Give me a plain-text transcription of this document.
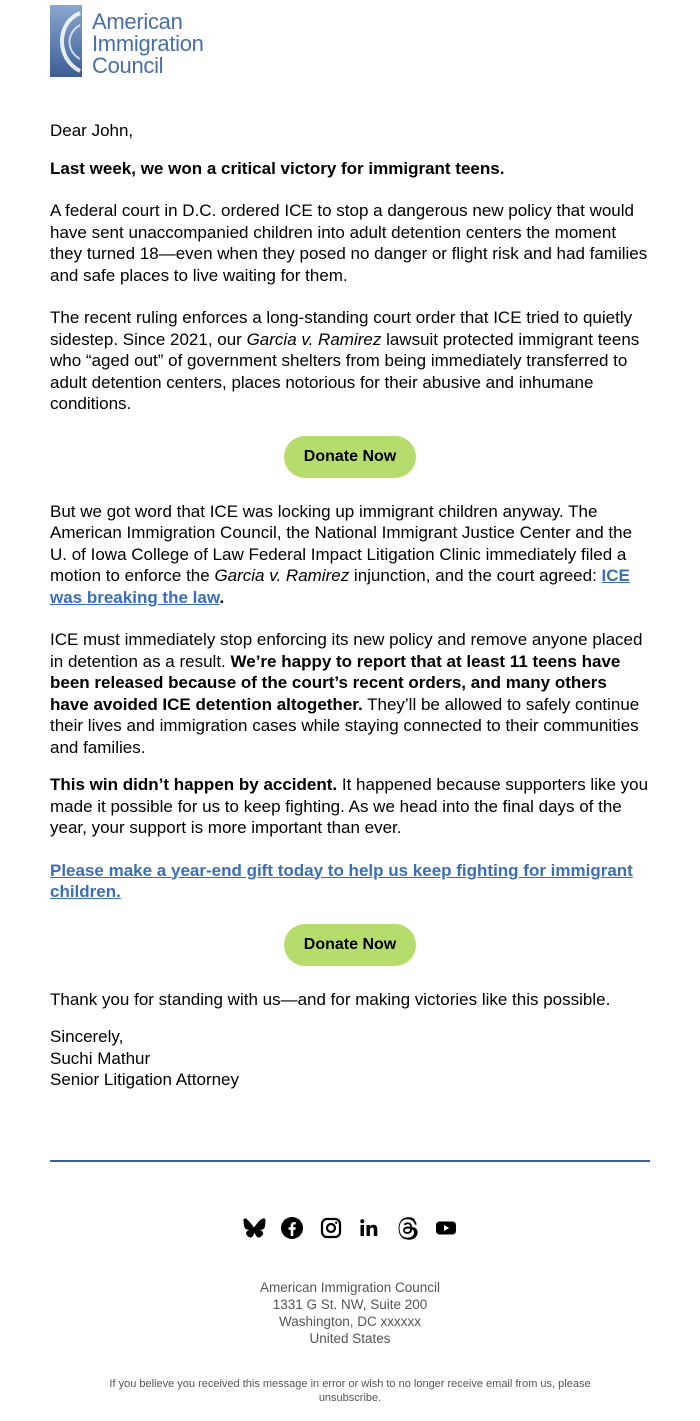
American
Immigration
Council

Dear John,

Last week, we won a critical victory for immigrant teens.

A federal court in D.C. ordered ICE to stop a dangerous new policy that would have sent unaccompanied children into adult detention centers the moment they turned 18—even when they posed no danger or flight risk and had families and safe places to live waiting for them.

The recent ruling enforces a long-standing court order that ICE tried to quietly sidestep. Since 2021, our Garcia v. Ramirez lawsuit protected immigrant teens who “aged out” of government shelters from being immediately transferred to adult detention centers, places notorious for their abusive and inhumane conditions.

Donate Now

But we got word that ICE was locking up immigrant children anyway. The American Immigration Council, the National Immigrant Justice Center and the U. of Iowa College of Law Federal Impact Litigation Clinic immediately filed a motion to enforce the Garcia v. Ramirez injunction, and the court agreed: ICE was breaking the law.

ICE must immediately stop enforcing its new policy and remove anyone placed in detention as a result. We’re happy to report that at least 11 teens have been released because of the court’s recent orders, and many others have avoided ICE detention altogether. They’ll be allowed to safely continue their lives and immigration cases while staying connected to their communities and families.

This win didn’t happen by accident. It happened because supporters like you made it possible for us to keep fighting. As we head into the final days of the year, your support is more important than ever.

Please make a year-end gift today to help us keep fighting for immigrant children.

Donate Now

Thank you for standing with us—and for making victories like this possible.

Sincerely,

Suchi Mathur

Senior Litigation Attorney

American Immigration Council
1331 G St. NW, Suite 200
Washington, DC xxxxxx
United States
If you believe you received this message in error or wish to no longer receive email from us, please unsubscribe.
